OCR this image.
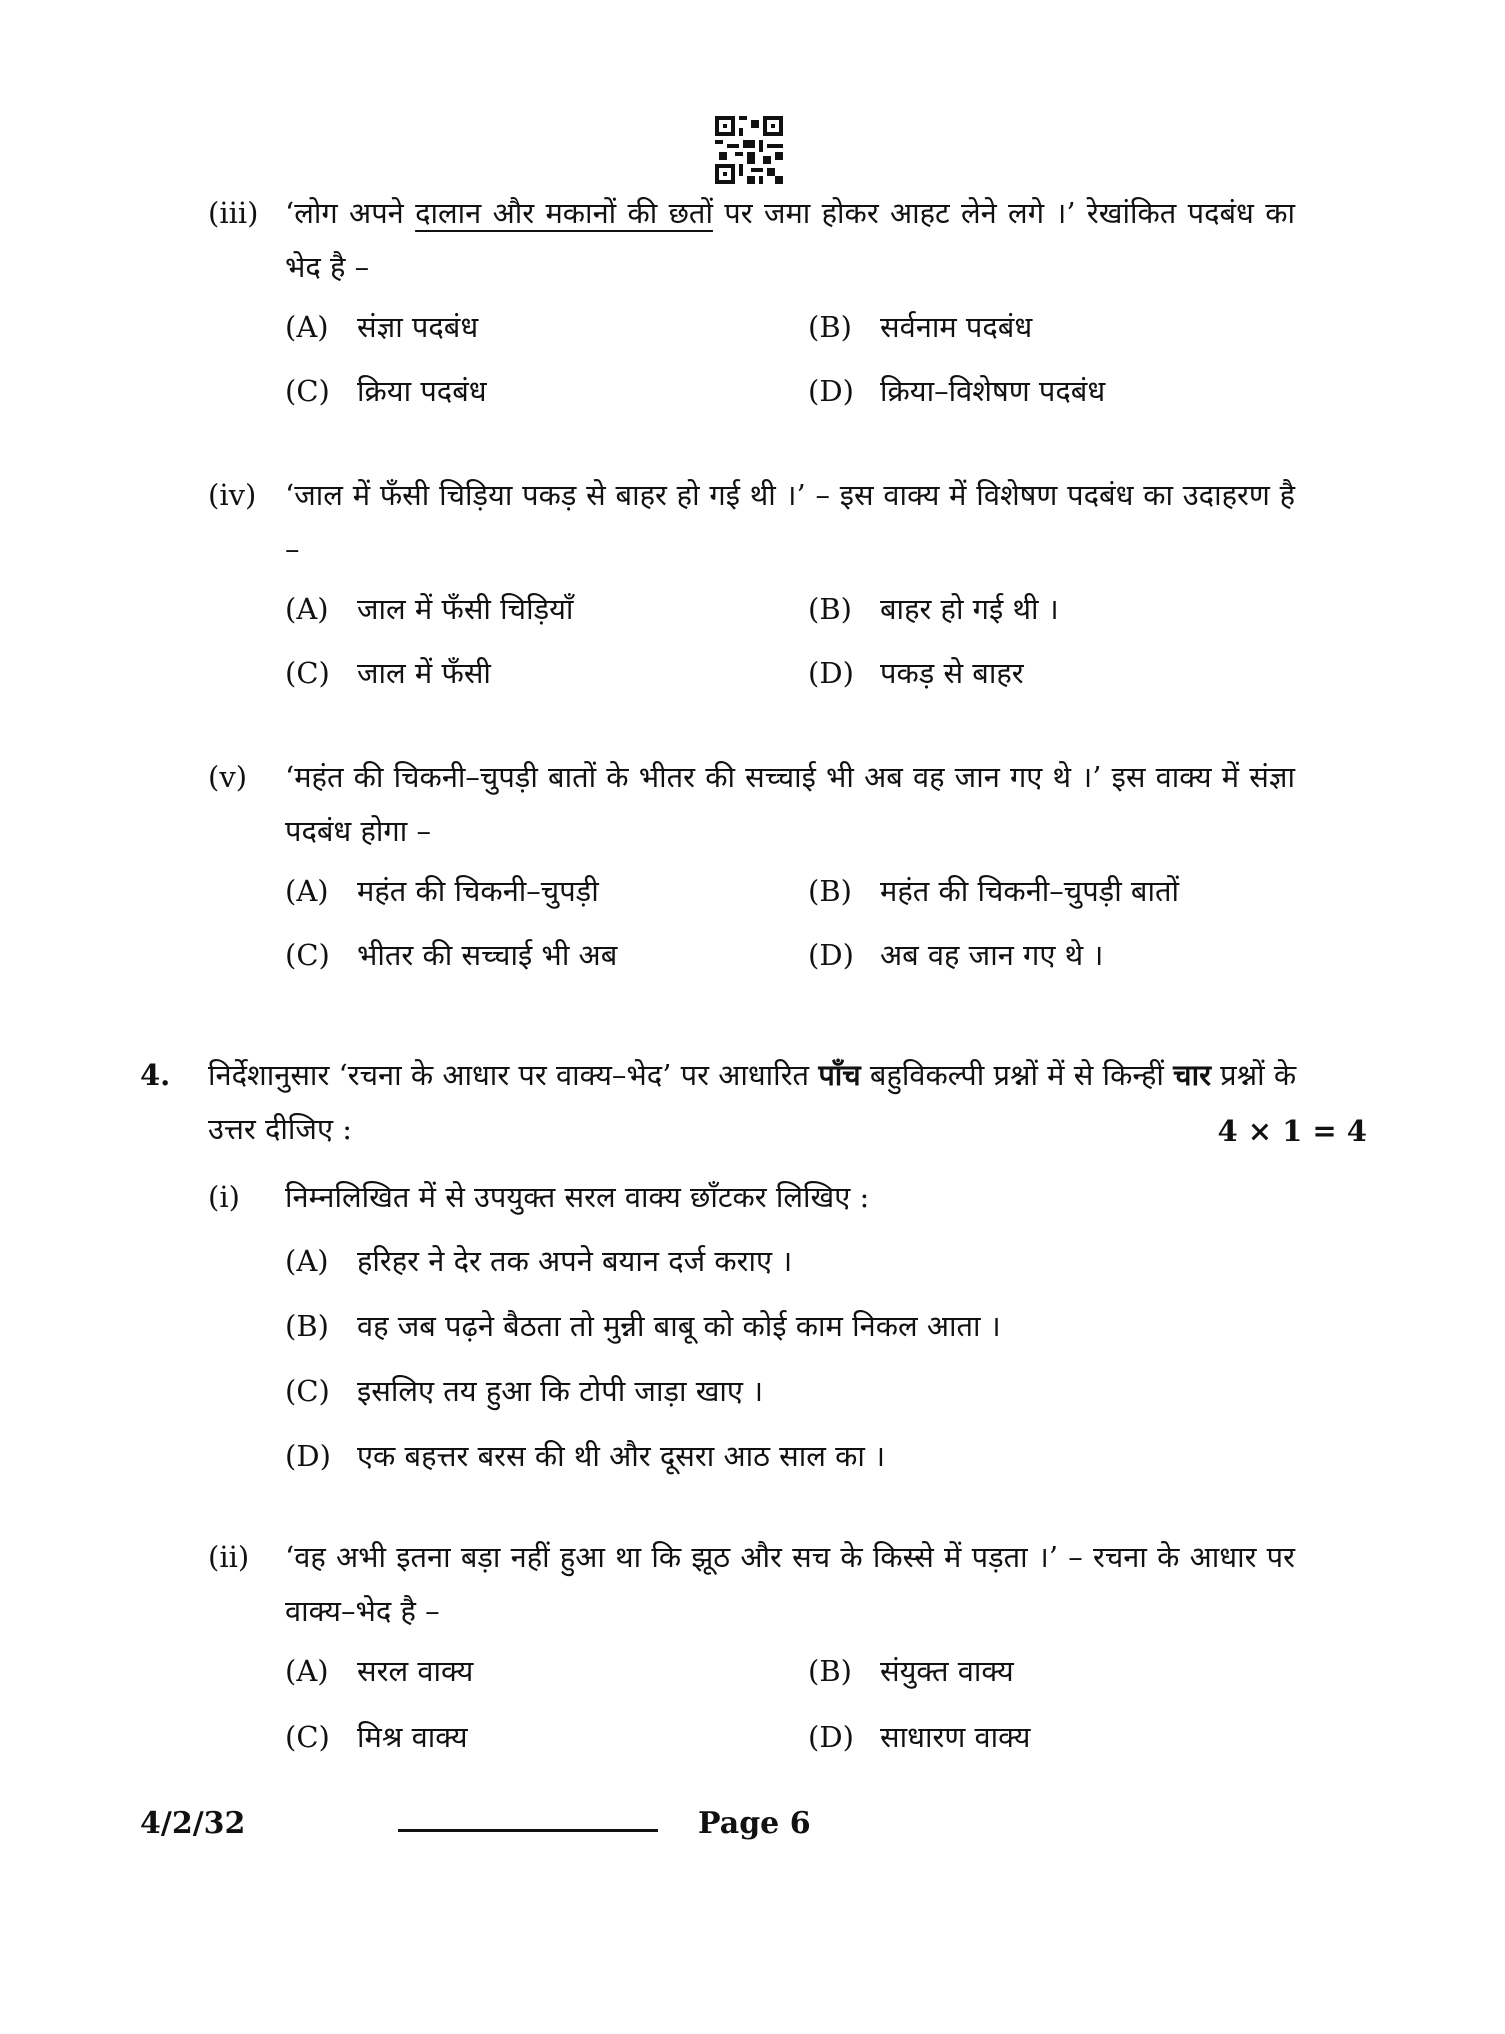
(iii) ‘लोग अपने दालान और मकानों की छतों पर जमा होकर आहट लेने लगे ।’ रेखांकित पदबंध का भेद है –
(A) संज्ञा पदबंध	(B) सर्वनाम पदबंध
(C) क्रिया पदबंध	(D) क्रिया–विशेषण पदबंध
(iv) ‘जाल में फँसी चिड़िया पकड़ से बाहर हो गई थी ।’ – इस वाक्य में विशेषण पदबंध का उदाहरण है –
(A) जाल में फँसी चिड़ियाँ	(B) बाहर हो गई थी ।
(C) जाल में फँसी	(D) पकड़ से बाहर
(v) ‘महंत की चिकनी–चुपड़ी बातों के भीतर की सच्चाई भी अब वह जान गए थे ।’ इस वाक्य में संज्ञा पदबंध होगा –
(A) महंत की चिकनी–चुपड़ी	(B) महंत की चिकनी–चुपड़ी बातों
(C) भीतर की सच्चाई भी अब	(D) अब वह जान गए थे ।
4. निर्देशानुसार ‘रचना के आधार पर वाक्य–भेद’ पर आधारित पाँच बहुविकल्पी प्रश्नों में से किन्हीं चार प्रश्नों के उत्तर दीजिए :	4 × 1 = 4
(i) निम्नलिखित में से उपयुक्त सरल वाक्य छाँटकर लिखिए :
(A) हरिहर ने देर तक अपने बयान दर्ज कराए ।
(B) वह जब पढ़ने बैठता तो मुन्नी बाबू को कोई काम निकल आता ।
(C) इसलिए तय हुआ कि टोपी जाड़ा खाए ।
(D) एक बहत्तर बरस की थी और दूसरा आठ साल का ।
(ii) ‘वह अभी इतना बड़ा नहीं हुआ था कि झूठ और सच के किस्से में पड़ता ।’ – रचना के आधार पर वाक्य–भेद है –
(A) सरल वाक्य	(B) संयुक्त वाक्य
(C) मिश्र वाक्य	(D) साधारण वाक्य
4/2/32	Page 6
